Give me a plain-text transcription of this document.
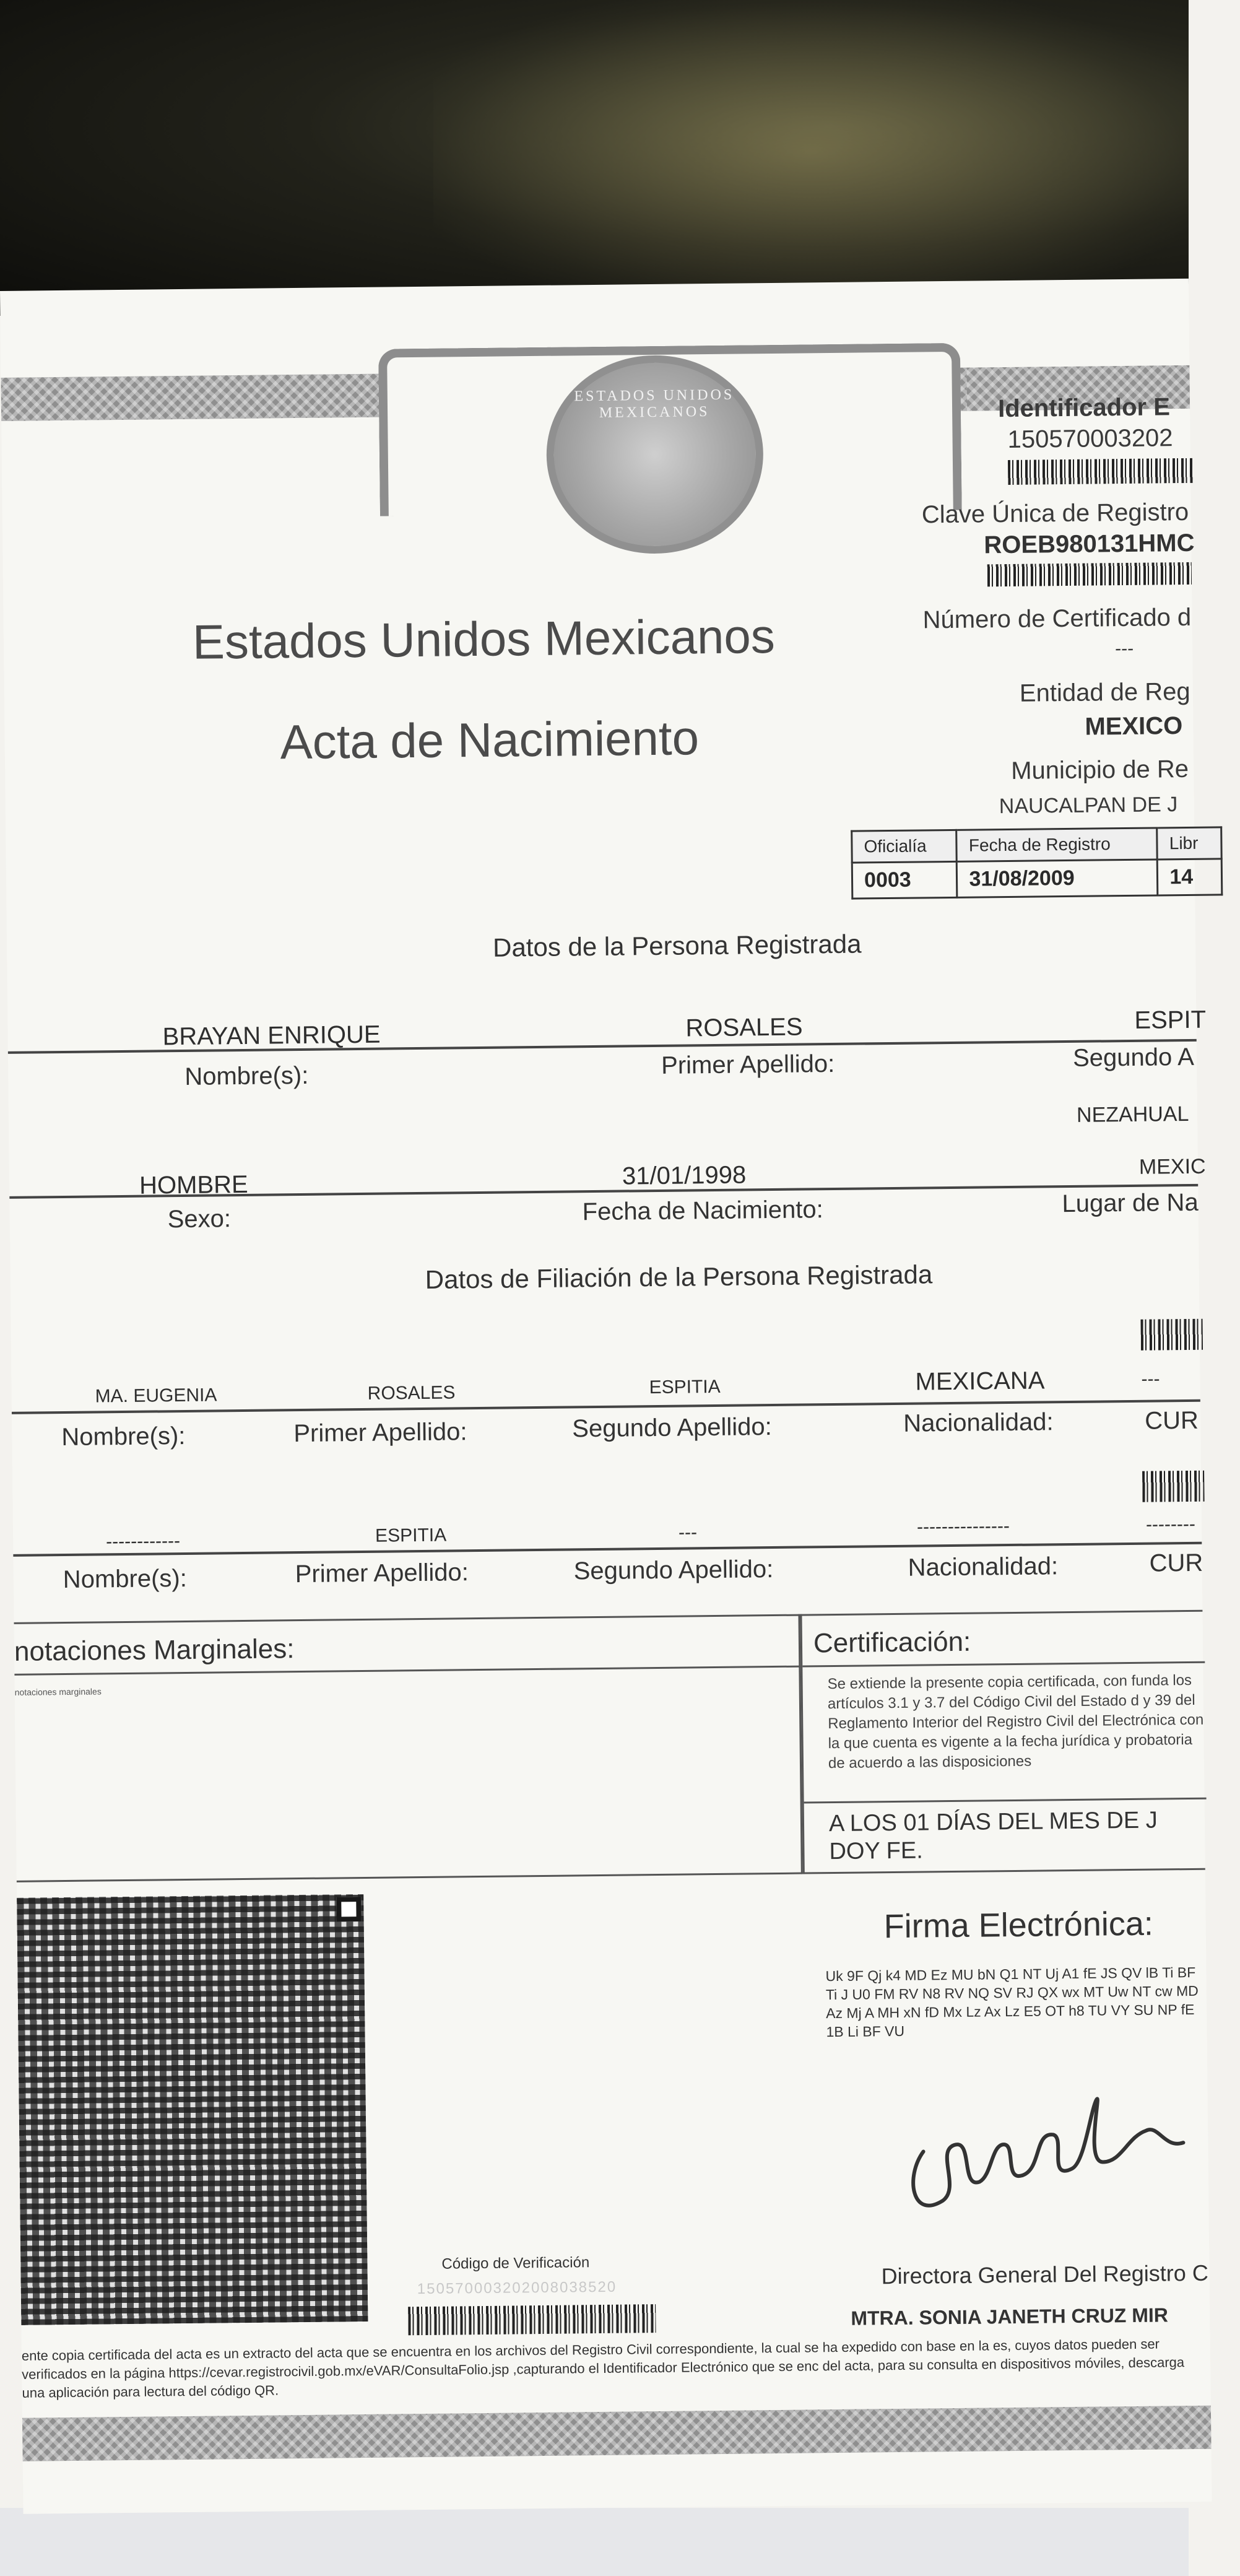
ESTADOS UNIDOS MEXICANOS	Identificador E
150570003202
Clave Única de Registro
ROEB980131HMC
Número de Certificado d
---
Entidad de Reg
MEXICO
Municipio de Re
NAUCALPAN DE J
Estados Unidos Mexicanos
Acta de Nacimiento
Oficialía	Fecha de Registro	Libr
0003	31/08/2009	14
Datos de la Persona Registrada
BRAYAN ENRIQUE	ROSALES	ESPIT
Nombre(s):	Primer Apellido:	Segundo A
NEZAHUAL
HOMBRE	31/01/1998	MEXIC
Sexo:	Fecha de Nacimiento:	Lugar de Na
Datos de Filiación de la Persona Registrada
MA. EUGENIA	ROSALES	ESPITIA	MEXICANA	---
Nombre(s):	Primer Apellido:	Segundo Apellido:	Nacionalidad:	CUR
------------	ESPITIA	---	---------------	--------
Nombre(s):	Primer Apellido:	Segundo Apellido:	Nacionalidad:	CUR
notaciones Marginales:
notaciones marginales
Certificación:
Se extiende la presente copia certificada, con funda los artículos 3.1 y 3.7 del Código Civil del Estado d y 39 del Reglamento Interior del Registro Civil del Electrónica con la que cuenta es vigente a la fecha jurídica y probatoria de acuerdo a las disposiciones
A LOS 01 DÍAS DEL MES DE J
DOY FE.
Firma Electrónica:
Uk 9F Qj k4 MD Ez MU bN Q1 NT Uj A1 fE JS QV lB Ti BF Ti J U0 FM RV N8 RV NQ SV RJ QX wx MT Uw NT cw MD Az Mj A MH xN fD Mx Lz Ax Lz E5 OT h8 TU VY SU NP fE 1B Li BF VU
Código de Verificación
150570003202008038520	Directora General Del Registro C
MTRA. SONIA JANETH CRUZ MIR
ente copia certificada del acta es un extracto del acta que se encuentra en los archivos del Registro Civil correspondiente, la cual se ha expedido con base en la es, cuyos datos pueden ser verificados en la página https://cevar.registrocivil.gob.mx/eVAR/ConsultaFolio.jsp ,capturando el Identificador Electrónico que se enc del acta, para su consulta en dispositivos móviles, descarga una aplicación para lectura del código QR.
